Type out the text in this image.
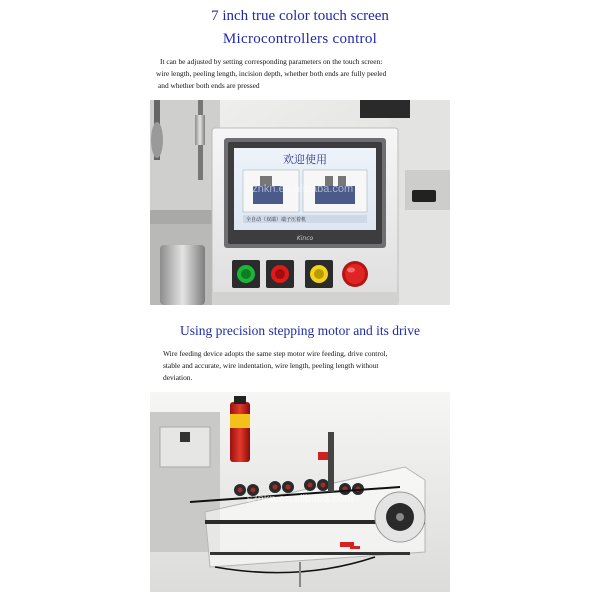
7 inch true color touch screen
Microcontrollers control
It can be adjusted by setting corresponding parameters on the touch screen:
wire length, peeling length, incision depth, whether both ends are fully peeled
and whether both ends are pressed
欢迎使用
全自动（双端）端子压着机
Kinco
szhkn.en.alibaba.com
Using precision stepping motor and its drive
Wire feeding device adopts the same step motor wire feeding, drive control,
stable and accurate, wire indentation, wire length, peeling length without
deviation.
szhkn.en.alibaba.com
